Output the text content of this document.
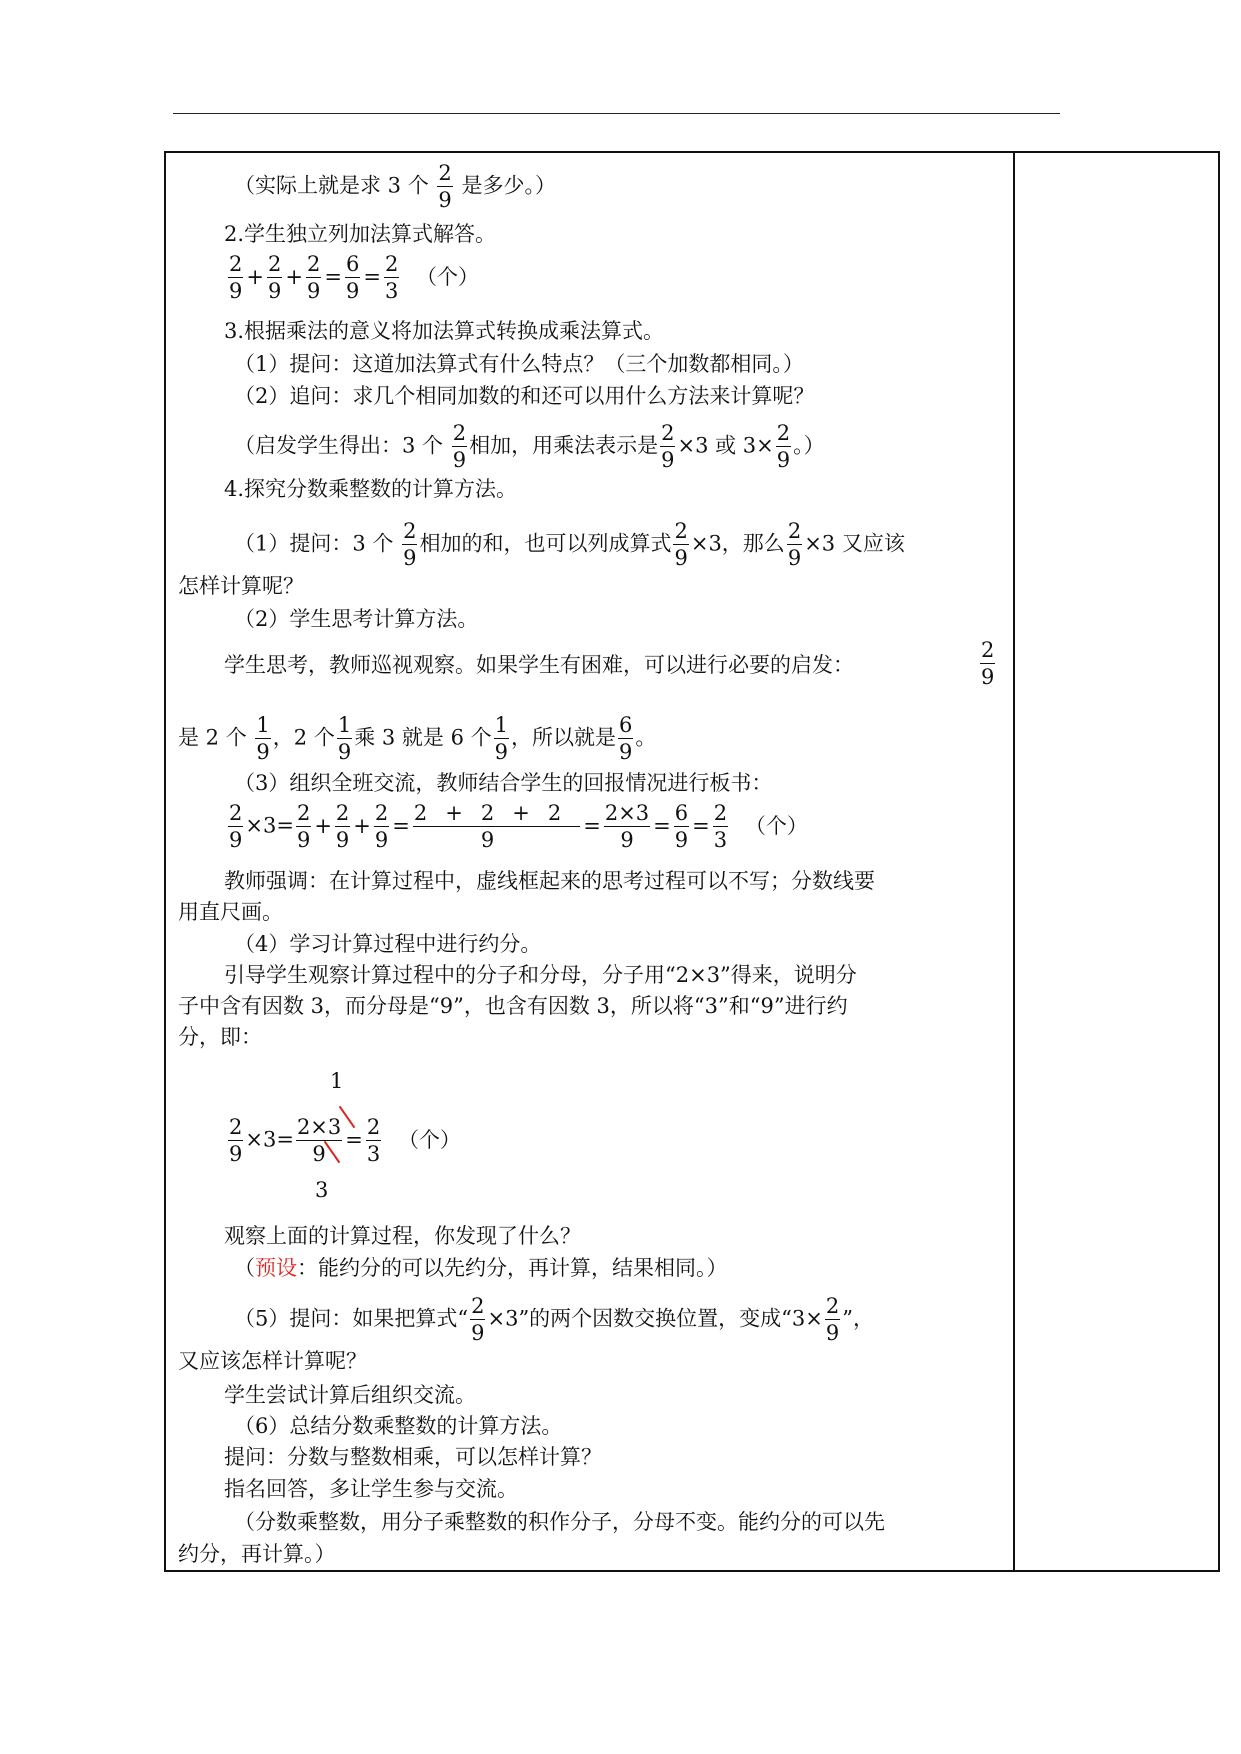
（实际上就是求 3 个 $\frac{2}{9}$ 是多少。）
2.学生独立列加法算式解答。
$\frac{2}{9} + \frac{2}{9} + \frac{2}{9} = \frac{6}{9} = \frac{2}{3}$ （个）
3.根据乘法的意义将加法算式转换成乘法算式。
（1）提问：这道加法算式有什么特点？（三个加数都相同。）
（2）追问：求几个相同加数的和还可以用什么方法来计算呢？
（启发学生得出：3 个 $\frac{2}{9}$ 相加，用乘法表示是 $\frac{2}{9} \times 3$ 或 $3\times \frac{2}{9}$ 。）
4.探究分数乘整数的计算方法。
（1）提问：3 个 $\frac{2}{9}$ 相加的和，也可以列成算式 $\frac{2}{9} \times 3$，那么 $\frac{2}{9} \times 3$ 又应该
怎样计算呢？
（2）学生思考计算方法。
学生思考，教师巡视观察。如果学生有困难，可以进行必要的启发：	$\frac{2}{9}$
是 2 个 $\frac{1}{9}$ ，2 个 $\frac{1}{9}$ 乘 3 就是 6 个 $\frac{1}{9}$ ，所以就是 $\frac{6}{9}$ 。
（3）组织全班交流，教师结合学生的回报情况进行板书：
$\frac{2}{9} \times 3= \frac{2}{9} + \frac{2}{9} + \frac{2}{9} = \frac{2+2+2}{9} = \frac{2\times 3}{9} = \frac{6}{9} = \frac{2}{3}$ （个）
教师强调：在计算过程中，虚线框起来的思考过程可以不写；分数线要
用直尺画。
（4）学习计算过程中进行约分。
引导学生观察计算过程中的分子和分母，分子用“2×3”得来，说明分
子中含有因数 3，而分母是“9”，也含有因数 3，所以将“3”和“9”进行约
分，即：
1
$\frac{2}{9} \times 3= \frac{2\times 3}{9} = \frac{2}{3}$ （个）
3
观察上面的计算过程，你发现了什么？
（预设：能约分的可以先约分，再计算，结果相同。）
（5）提问：如果把算式“ $\frac{2}{9} \times 3$”的两个因数交换位置，变成“$3\times \frac{2}{9}$ ”，
又应该怎样计算呢？
学生尝试计算后组织交流。
（6）总结分数乘整数的计算方法。
提问：分数与整数相乘，可以怎样计算？
指名回答，多让学生参与交流。
（分数乘整数，用分子乘整数的积作分子，分母不变。能约分的可以先
约分，再计算。）
